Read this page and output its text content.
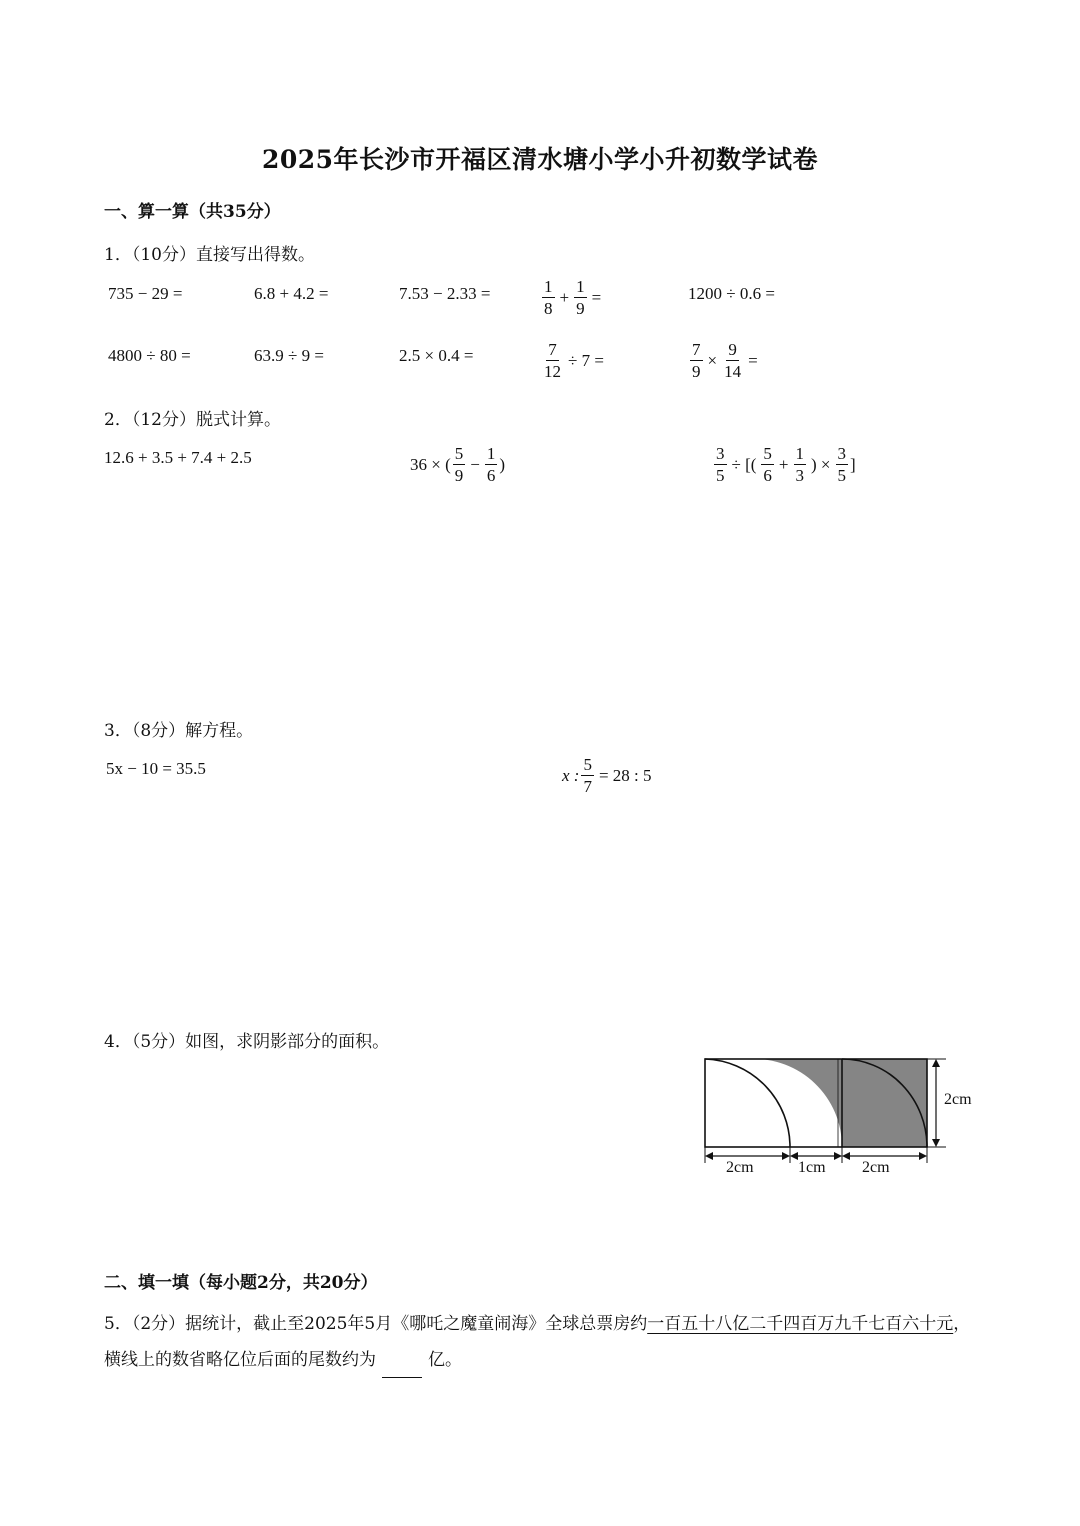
2025年长沙市开福区清水塘小学小升初数学试卷
一、算一算（共35分）
1．（10分）直接写出得数。
735 − 29 =	6.8 + 4.2 =	7.53 − 2.33 =	$\frac{1}{8} + \frac{1}{9}$ =	1200 ÷ 0.6 =
4800 ÷ 80 =	63.9 ÷ 9 =	2.5 × 0.4 =	$\frac{7}{12} \div 7$ =	$\frac{7}{9} \times \frac{9}{14}$ =
2．（12分）脱式计算。
12.6 + 3.5 + 7.4 + 2.5	36 × ( $\frac{5}{9} - \frac{1}{6}$ )	$\frac{3}{5}$ ÷ [( $\frac{5}{6} + \frac{1}{3}$ ) × $\frac{3}{5}$ ]
3．（8分）解方程。
5x − 10 = 35.5	x : $\frac{5}{7} = 28$ : 5
4．（5分）如图，求阴影部分的面积。
2cm
2cm	1cm 2cm
二、填一填（每小题2分，共20分）
5．（2分）据统计，截止至2025年5月《哪吒之魔童闹海》全球总票房约一百五十八亿二千四百万九千七百六十元，横线上的数省略亿位后面的尾数约为	亿。
